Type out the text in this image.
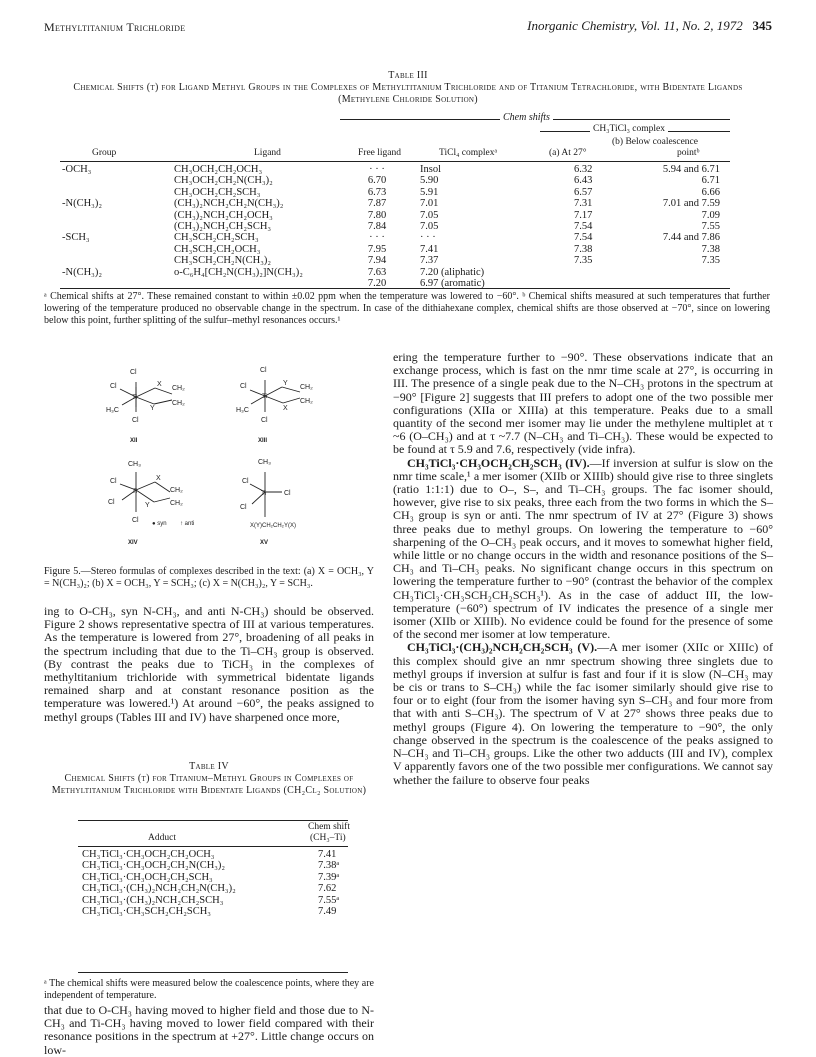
Methyltitanium Trichloride	Inorganic Chemistry, Vol. 11, No. 2, 1972 345
Table III
Chemical Shifts (τ) for Ligand Methyl Groups in the Complexes of Methyltitanium Trichloride and of Titanium Tetrachloride, with Bidentate Ligands (Methylene Chloride Solution)
Chem shifts
CH₃TiCl₃ complex
(b) Below coalescence
Group	Ligand	Free ligand	TiCl₄ complexᵃ	(a) At 27°	pointᵇ
-OCH₃	CH₃OCH₂CH₂OCH₃	· · ·	Insol	6.32	5.94 and 6.71
CH₃OCH₂CH₂N(CH₃)₂	6.70	5.90	6.43	6.71
CH₃OCH₂CH₂SCH₃	6.73	5.91	6.57	6.66
-N(CH₃)₂	(CH₃)₂NCH₂CH₂N(CH₃)₂	7.87	7.01	7.31	7.01 and 7.59
(CH₃)₂NCH₂CH₂OCH₃	7.80	7.05	7.17	7.09
(CH₃)₂NCH₂CH₂SCH₃	7.84	7.05	7.54	7.55
-SCH₃	CH₃SCH₂CH₂SCH₃	· · ·	· · ·	7.54	7.44 and 7.86
CH₃SCH₂CH₂OCH₃	7.95	7.41	7.38	7.38
CH₃SCH₂CH₂N(CH₃)₂	7.94	7.37	7.35	7.35
-N(CH₃)₂	o-C₆H₄[CH₂N(CH₃)₂]N(CH₃)₂	7.63	7.20 (aliphatic)
7.20	6.97 (aromatic)
ᵃ Chemical shifts at 27°. These remained constant to within ±0.02 ppm when the temperature was lowered to −60°. ᵇ Chemical shifts measured at such temperatures that further lowering of the temperature produced no observable change in the spectrum. In case of the dithiahexane complex, chemical shifts are those observed at −70°, since on lowering below this point, further splitting of the sulfur–methyl resonances occurs.¹
Cl
Cl
Ti
H₃C
X
Y
CH₂
CH₂
Cl
XII
Cl
Cl
Ti
H₃C
Y
X
CH₂
CH₂
Cl
XIII
CH₃
Cl
Ti
Cl
X
Y
CH₂
CH₂
Cl ● syn ↑ anti
XIV
CH₃
Cl
Ti
Cl
Cl
X(Y)CH₂CH₂Y(X)
XV
Figure 5.—Stereo formulas of complexes described in the text: (a) X = OCH₃, Y = N(CH₃)₂; (b) X = OCH₃, Y = SCH₃; (c) X = N(CH₃)₂, Y = SCH₃.

ing to O-CH₃, syn N-CH₃, and anti N-CH₃) should be observed. Figure 2 shows representative spectra of III at various temperatures. As the temperature is lowered from 27°, broadening of all peaks in the spectrum including that due to the Ti–CH₃ group is observed. (By contrast the peaks due to TiCH₃ in the complexes of methyltitanium trichloride with symmetrical bidentate ligands remained sharp and at constant resonance position as the temperature was lowered.¹) At around −60°, the peaks assigned to methyl groups (Tables III and IV) have sharpened once more,

Table IV
Chemical Shifts (τ) for Titanium–Methyl Groups in Complexes of Methyltitanium Trichloride with Bidentate Ligands (CH₂Cl₂ Solution)
Chem shift
Adduct	(CH₃–Ti)
CH₃TiCl₃·CH₃OCH₂CH₂OCH₃	7.41
CH₃TiCl₃·CH₃OCH₂CH₂N(CH₃)₂	7.38ᵃ
CH₃TiCl₃·CH₃OCH₂CH₂SCH₃	7.39ᵃ
CH₃TiCl₃·(CH₃)₂NCH₂CH₂N(CH₃)₂	7.62
CH₃TiCl₃·(CH₃)₂NCH₂CH₂SCH₃	7.55ᵃ
CH₃TiCl₃·CH₃SCH₂CH₂SCH₃	7.49
ᵃ The chemical shifts were measured below the coalescence points, where they are independent of temperature.

that due to O-CH₃ having moved to higher field and those due to N-CH₃ and Ti-CH₃ having moved to lower field compared with their resonance positions in the spectrum at +27°. Little change occurs on low-

ering the temperature further to −90°. These observations indicate that an exchange process, which is fast on the nmr time scale at 27°, is occurring in III. The presence of a single peak due to the N–CH₃ protons in the spectrum at −90° [Figure 2] suggests that III prefers to adopt one of the two possible mer configurations (XIIa or XIIIa) at this temperature. Peaks due to a small quantity of the second mer isomer may lie under the methylene multiplet at τ ~6 (O–CH₃) and at τ ~7.7 (N–CH₃ and Ti–CH₃). These would be expected to be found at τ 5.9 and 7.6, respectively (vide infra).

CH₃TiCl₃·CH₃OCH₂CH₂SCH₃ (IV).—If inversion at sulfur is slow on the nmr time scale,¹ a mer isomer (XIIb or XIIIb) should give rise to three singlets (ratio 1:1:1) due to O–, S–, and Ti–CH₃ groups. The fac isomer should, however, give rise to six peaks, three each from the two forms in which the S–CH₃ group is syn or anti. The nmr spectrum of IV at 27° (Figure 3) shows three peaks due to methyl groups. On lowering the temperature to −60° sharpening of the O–CH₃ peak occurs, and it moves to somewhat higher field, while little or no change occurs in the width and resonance positions of the S–CH₃ and Ti–CH₃ peaks. No significant change occurs in this spectrum on lowering the temperature further to −90° (contrast the behavior of the complex CH₃TiCl₃·CH₃SCH₂CH₂SCH₃¹). As in the case of adduct III, the low-temperature (−60°) spectrum of IV indicates the presence of a single mer isomer (XIIb or XIIIb). No evidence could be found for the presence of some of the second mer isomer at low temperature.

CH₃TiCl₃·(CH₃)₂NCH₂CH₂SCH₃ (V).—A mer isomer (XIIc or XIIIc) of this complex should give an nmr spectrum showing three singlets due to methyl groups if inversion at sulfur is fast and four if it is slow (N–CH₃ may be cis or trans to S–CH₃) while the fac isomer similarly should give rise to four or to eight (four from the isomer having syn S–CH₃ and four more from that with anti S–CH₃). The spectrum of V at 27° shows three peaks due to methyl groups (Figure 4). On lowering the temperature to −90°, the only change observed in the spectrum is the coalescence of the peaks assigned to N–CH₃ and Ti–CH₃ groups. Like the other two adducts (III and IV), complex V apparently favors one of the two possible mer configurations. We cannot say whether the failure to observe four peaks
